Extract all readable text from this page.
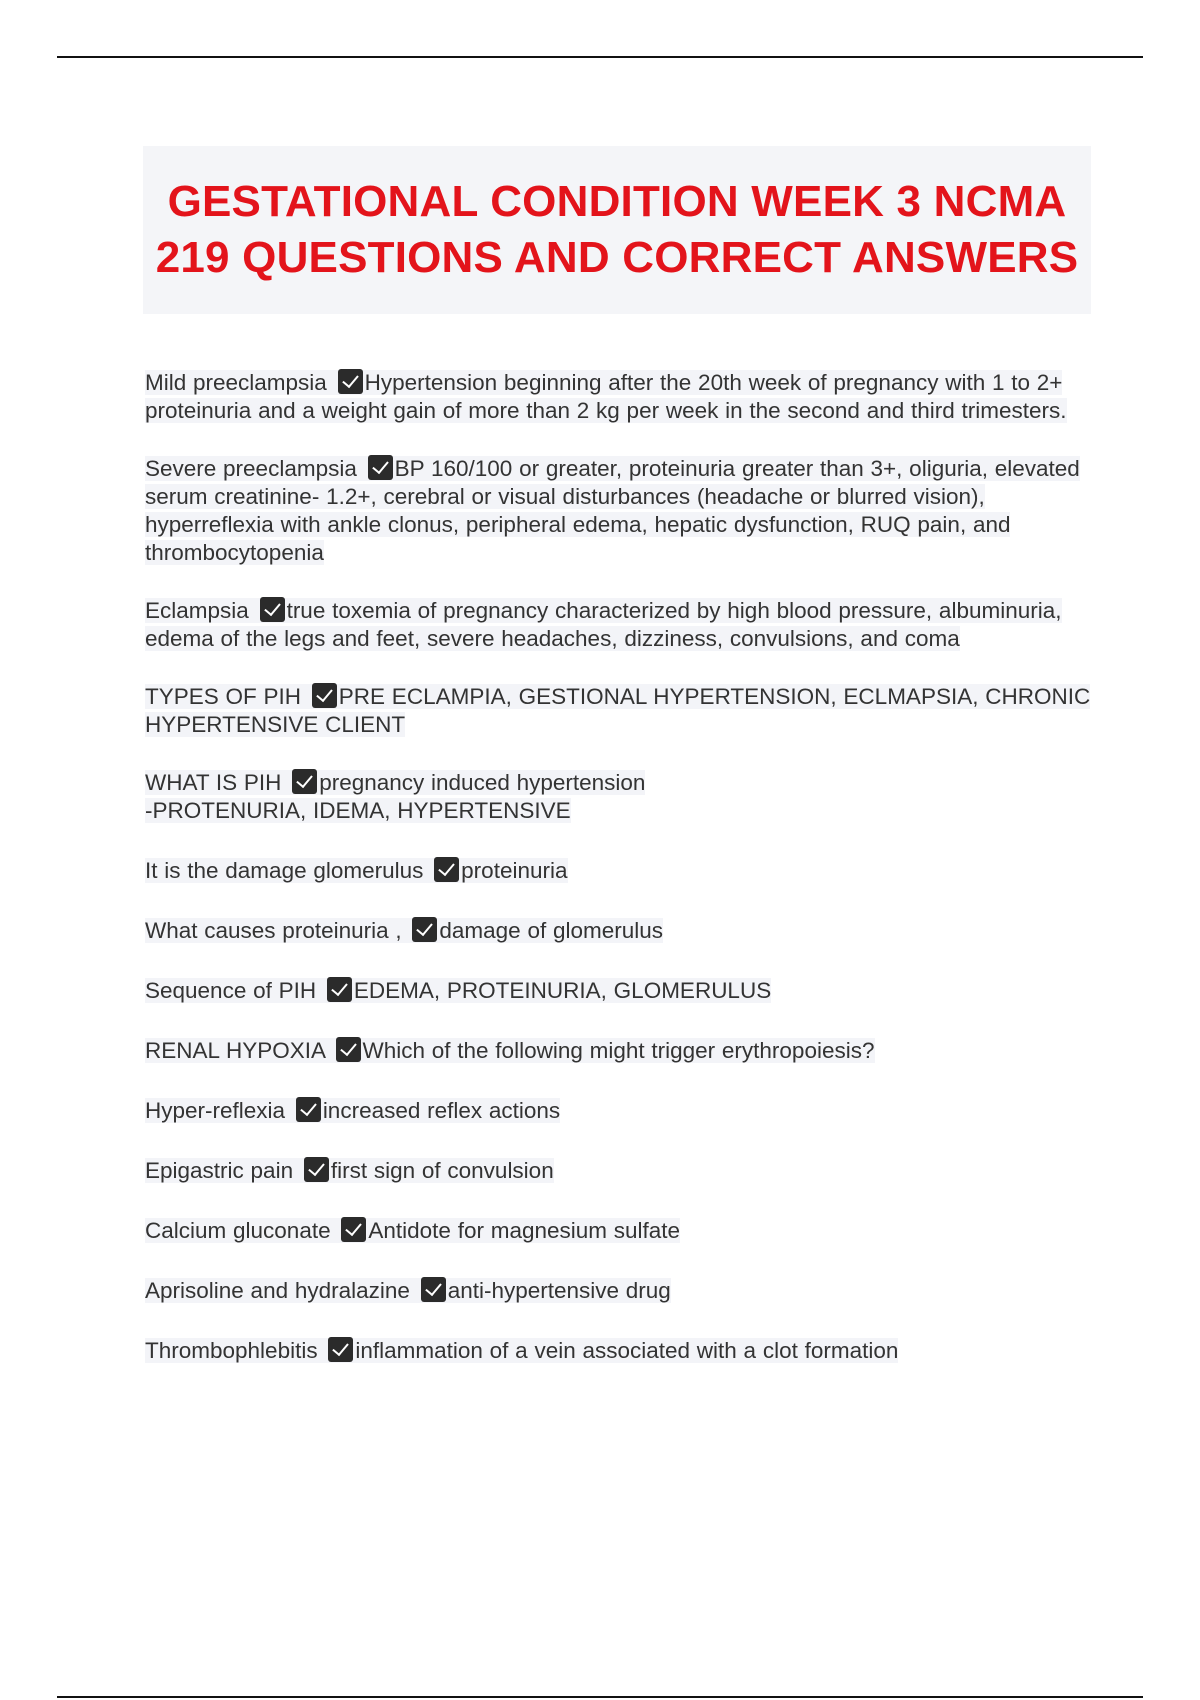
GESTATIONAL CONDITION WEEK 3 NCMA 219 QUESTIONS AND CORRECT ANSWERS

Mild preeclampsia Hypertension beginning after the 20th week of pregnancy with 1 to 2+ proteinuria and a weight gain of more than 2 kg per week in the second and third trimesters.

Severe preeclampsia BP 160/100 or greater, proteinuria greater than 3+, oliguria, elevated serum creatinine- 1.2+, cerebral or visual disturbances (headache or blurred vision), hyperreflexia with ankle clonus, peripheral edema, hepatic dysfunction, RUQ pain, and thrombocytopenia

Eclampsia true toxemia of pregnancy characterized by high blood pressure, albuminuria, edema of the legs and feet, severe headaches, dizziness, convulsions, and coma

TYPES OF PIH PRE ECLAMPIA, GESTIONAL HYPERTENSION, ECLMAPSIA, CHRONIC HYPERTENSIVE CLIENT

WHAT IS PIH pregnancy induced hypertension
-PROTENURIA, IDEMA, HYPERTENSIVE

It is the damage glomerulus proteinuria

What causes proteinuria , damage of glomerulus

Sequence of PIH EDEMA, PROTEINURIA, GLOMERULUS

RENAL HYPOXIA Which of the following might trigger erythropoiesis?

Hyper-reflexia increased reflex actions

Epigastric pain first sign of convulsion

Calcium gluconate Antidote for magnesium sulfate

Aprisoline and hydralazine anti-hypertensive drug

Thrombophlebitis inflammation of a vein associated with a clot formation
